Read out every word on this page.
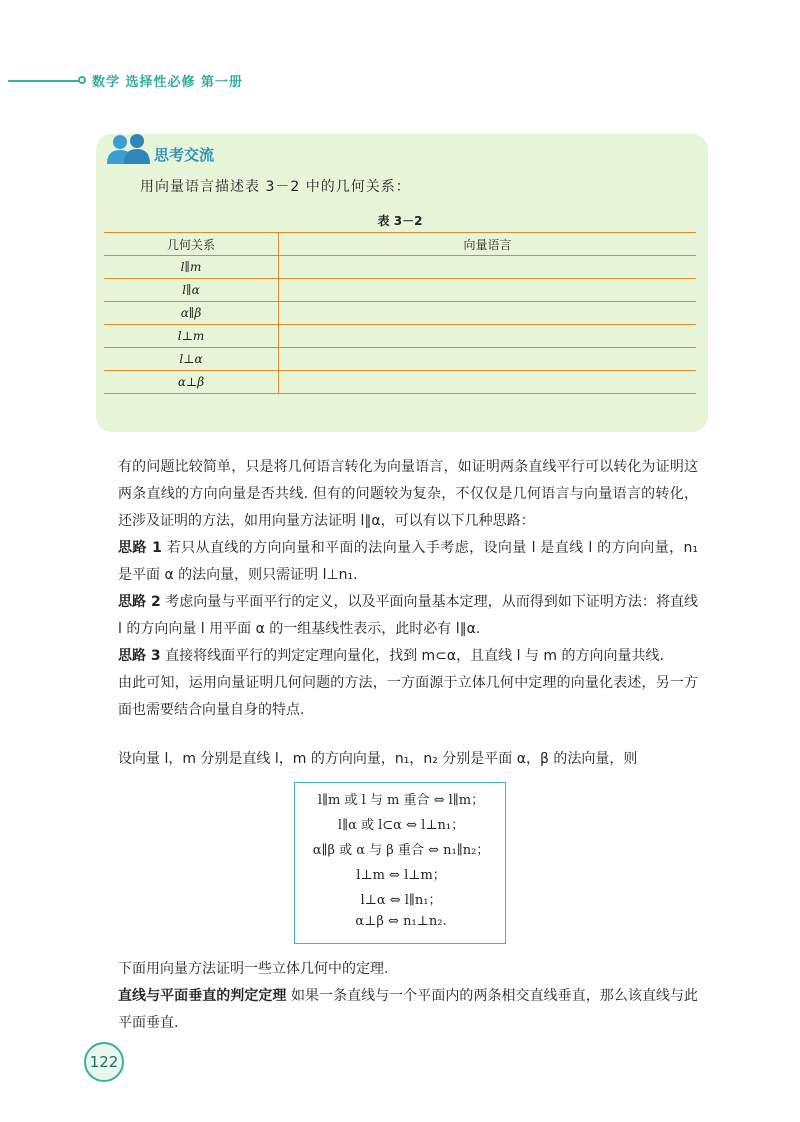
数学 选择性必修 第一册
思考交流
用向量语言描述表 3－2 中的几何关系：
表 3－2
几何关系	向量语言
l∥m	
l∥α	
α∥β	
l⊥m	
l⊥α	
α⊥β	
有的问题比较简单，只是将几何语言转化为向量语言，如证明两条直线平行可以转化为证明这两条直线的方向向量是否共线. 但有的问题较为复杂，不仅仅是几何语言与向量语言的转化，还涉及证明的方法，如用向量方法证明 l∥α，可以有以下几种思路：
思路 1 若只从直线的方向向量和平面的法向量入手考虑，设向量 l 是直线 l 的方向向量，n₁ 是平面 α 的法向量，则只需证明 l⊥n₁.
思路 2 考虑向量与平面平行的定义，以及平面向量基本定理，从而得到如下证明方法：将直线 l 的方向向量 l 用平面 α 的一组基线性表示，此时必有 l∥α.
思路 3 直接将线面平行的判定定理向量化，找到 m⊂α，且直线 l 与 m 的方向向量共线.
由此可知，运用向量证明几何问题的方法，一方面源于立体几何中定理的向量化表述，另一方面也需要结合向量自身的特点.
设向量 l，m 分别是直线 l，m 的方向向量，n₁，n₂ 分别是平面 α，β 的法向量，则
l∥m 或 l 与 m 重合 ⇔ l∥m；
l∥α 或 l⊂α ⇔ l⊥n₁；
α∥β 或 α 与 β 重合 ⇔ n₁∥n₂；
l⊥m ⇔ l⊥m；
l⊥α ⇔ l∥n₁；
α⊥β ⇔ n₁⊥n₂.
下面用向量方法证明一些立体几何中的定理.
直线与平面垂直的判定定理 如果一条直线与一个平面内的两条相交直线垂直，那么该直线与此平面垂直.
122
